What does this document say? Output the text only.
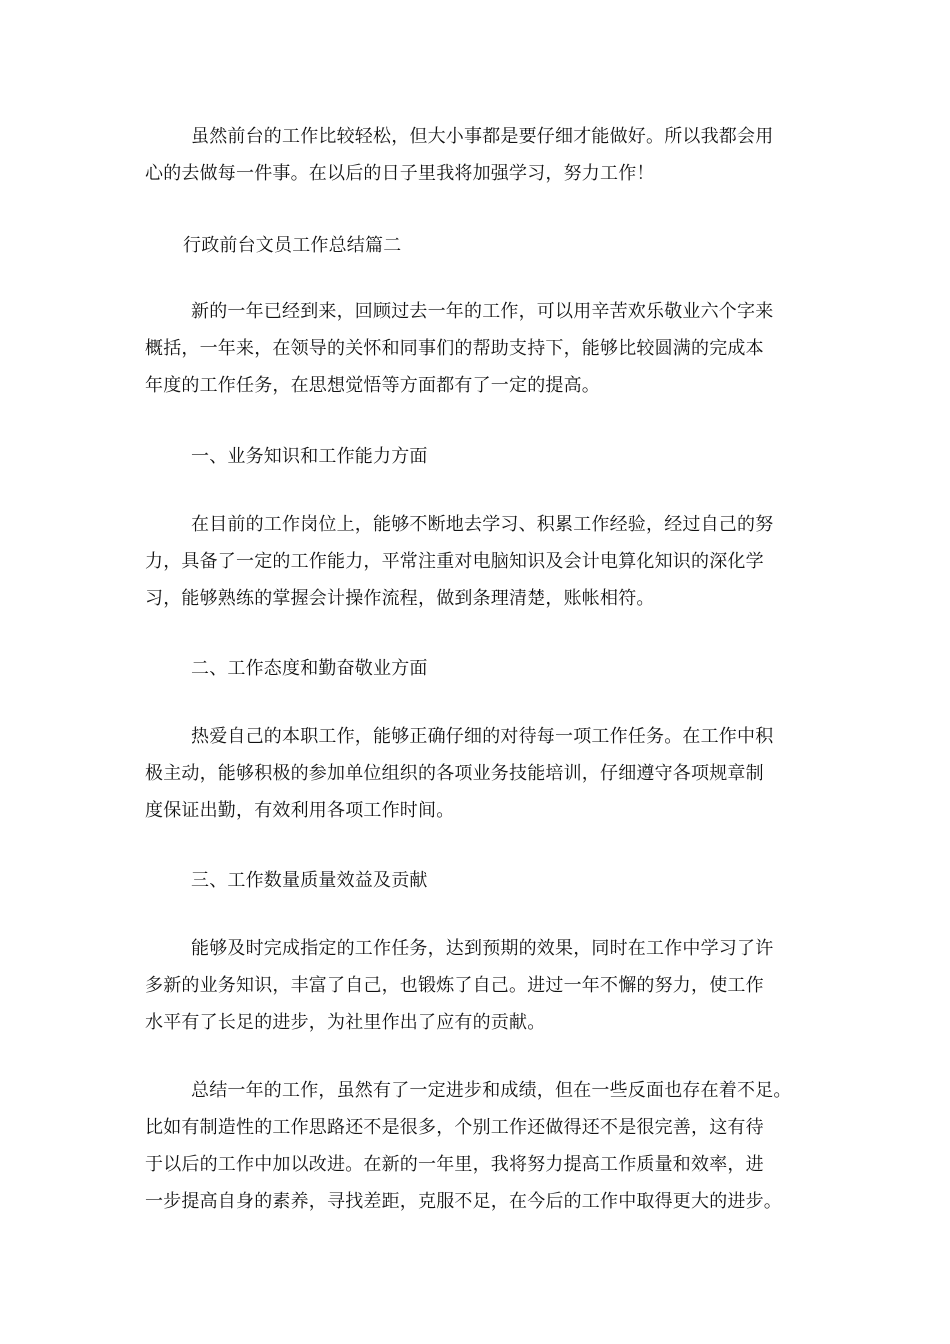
虽然前台的工作比较轻松，但大小事都是要仔细才能做好。所以我都会用
心的去做每一件事。在以后的日子里我将加强学习，努力工作！
行政前台文员工作总结篇二
新的一年已经到来，回顾过去一年的工作，可以用辛苦欢乐敬业六个字来
概括，一年来，在领导的关怀和同事们的帮助支持下，能够比较圆满的完成本
年度的工作任务，在思想觉悟等方面都有了一定的提高。
一、业务知识和工作能力方面
在目前的工作岗位上，能够不断地去学习、积累工作经验，经过自己的努
力，具备了一定的工作能力，平常注重对电脑知识及会计电算化知识的深化学
习，能够熟练的掌握会计操作流程，做到条理清楚，账帐相符。
二、工作态度和勤奋敬业方面
热爱自己的本职工作，能够正确仔细的对待每一项工作任务。在工作中积
极主动，能够积极的参加单位组织的各项业务技能培训，仔细遵守各项规章制
度保证出勤，有效利用各项工作时间。
三、工作数量质量效益及贡献
能够及时完成指定的工作任务，达到预期的效果，同时在工作中学习了许
多新的业务知识，丰富了自己，也锻炼了自己。进过一年不懈的努力，使工作
水平有了长足的进步，为社里作出了应有的贡献。
总结一年的工作，虽然有了一定进步和成绩，但在一些反面也存在着不足。
比如有制造性的工作思路还不是很多，个别工作还做得还不是很完善，这有待
于以后的工作中加以改进。在新的一年里，我将努力提高工作质量和效率，进
一步提高自身的素养，寻找差距，克服不足，在今后的工作中取得更大的进步。
